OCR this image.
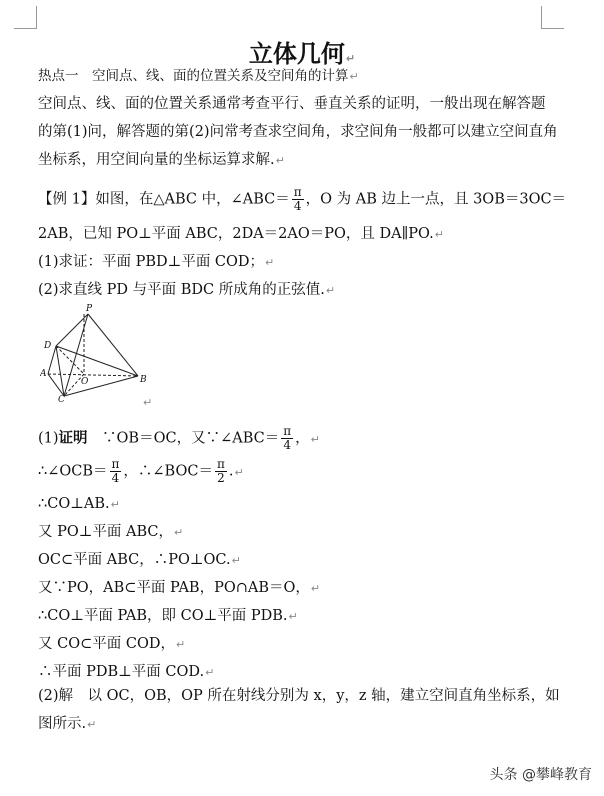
立体几何↵
热点一　空间点、线、面的位置关系及空间角的计算↵
空间点、线、面的位置关系通常考查平行、垂直关系的证明，一般出现在解答题
的第(1)问，解答题的第(2)问常考查求空间角，求空间角一般都可以建立空间直角
坐标系，用空间向量的坐标运算求解.↵
【例 1】如图，在△ABC 中，∠ABC＝ $\frac{\pi}{4}$ ，O 为 AB 边上一点，且 3OB＝3OC＝
2AB，已知 PO⊥平面 ABC，2DA＝2AO＝PO，且 DA∥PO.↵
(1)求证：平面 PBD⊥平面 COD；↵
(2)求直线 PD 与平面 BDC 所成角的正弦值.↵
P
D
A
O	B
C	↵
(1)证明　∵OB＝OC，又∵∠ABC＝ $\frac{\pi}{4}$ ，↵
∴∠OCB＝ $\frac{\pi}{4}$ ，∴∠BOC＝ $\frac{\pi}{2}$ .↵
∴CO⊥AB.↵
又 PO⊥平面 ABC，↵
OC⊂平面 ABC，∴PO⊥OC.↵
又∵PO，AB⊂平面 PAB，PO∩AB＝O，↵
∴CO⊥平面 PAB，即 CO⊥平面 PDB.↵
又 CO⊂平面 COD，↵
∴平面 PDB⊥平面 COD.↵
(2)解　以 OC，OB，OP 所在射线分别为 x，y，z 轴，建立空间直角坐标系，如
图所示.↵
头条 @攀峰教育
